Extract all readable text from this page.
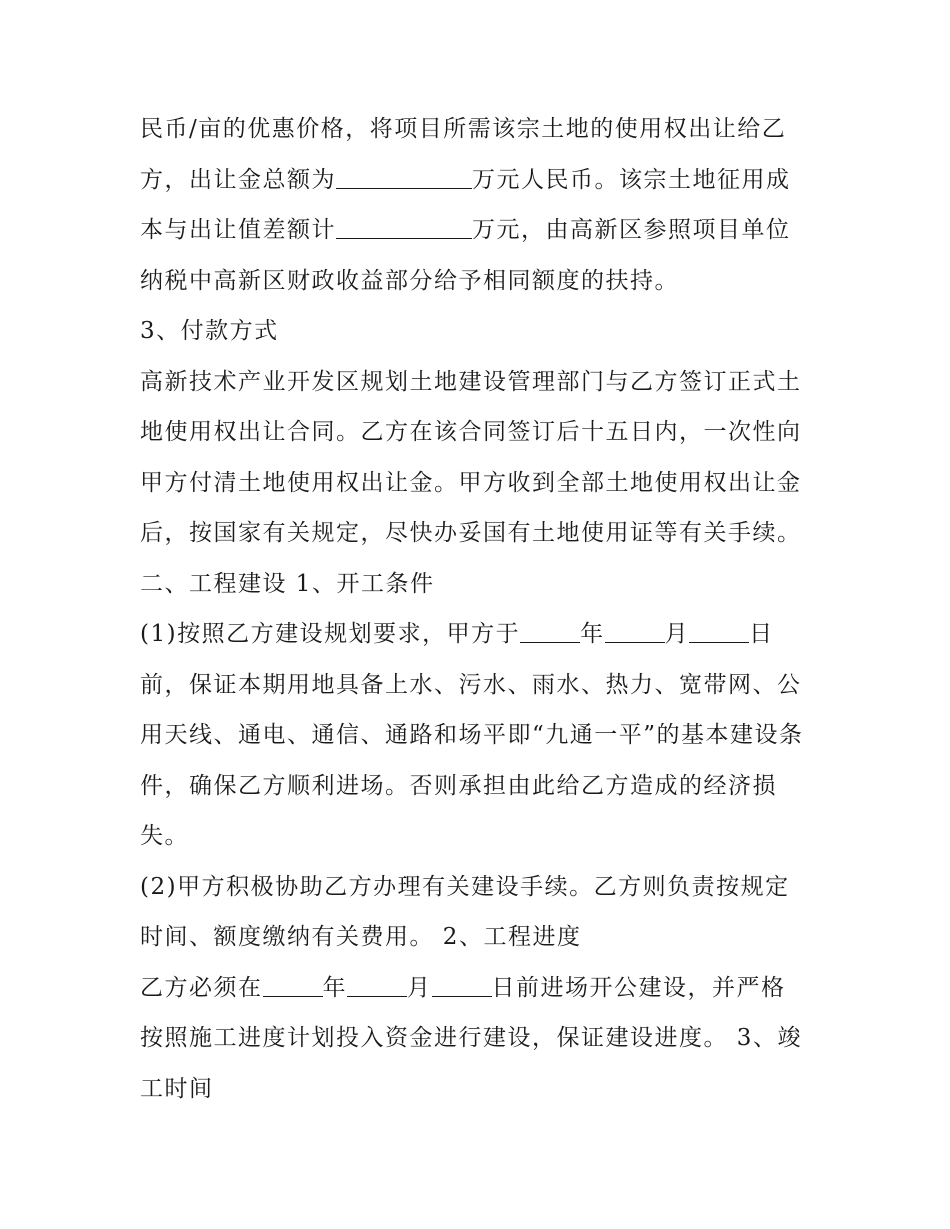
民币/亩的优惠价格，将项目所需该宗土地的使用权出让给乙
方，出让金总额为	万元人民币。该宗土地征用成
本与出让值差额计	万元，由高新区参照项目单位
纳税中高新区财政收益部分给予相同额度的扶持。
3、付款方式
高新技术产业开发区规划土地建设管理部门与乙方签订正式土
地使用权出让合同。乙方在该合同签订后十五日内，一次性向
甲方付清土地使用权出让金。甲方收到全部土地使用权出让金
后，按国家有关规定，尽快办妥国有土地使用证等有关手续。
二、工程建设 1、开工条件
(1)按照乙方建设规划要求，甲方于	年	月	日
前，保证本期用地具备上水、污水、雨水、热力、宽带网、公
用天线、通电、通信、通路和场平即“九通一平”的基本建设条
件，确保乙方顺利进场。否则承担由此给乙方造成的经济损
失。
(2)甲方积极协助乙方办理有关建设手续。乙方则负责按规定
时间、额度缴纳有关费用。 2、工程进度
乙方必须在	年	月	日前进场开公建设，并严格
按照施工进度计划投入资金进行建设，保证建设进度。 3、竣
工时间
